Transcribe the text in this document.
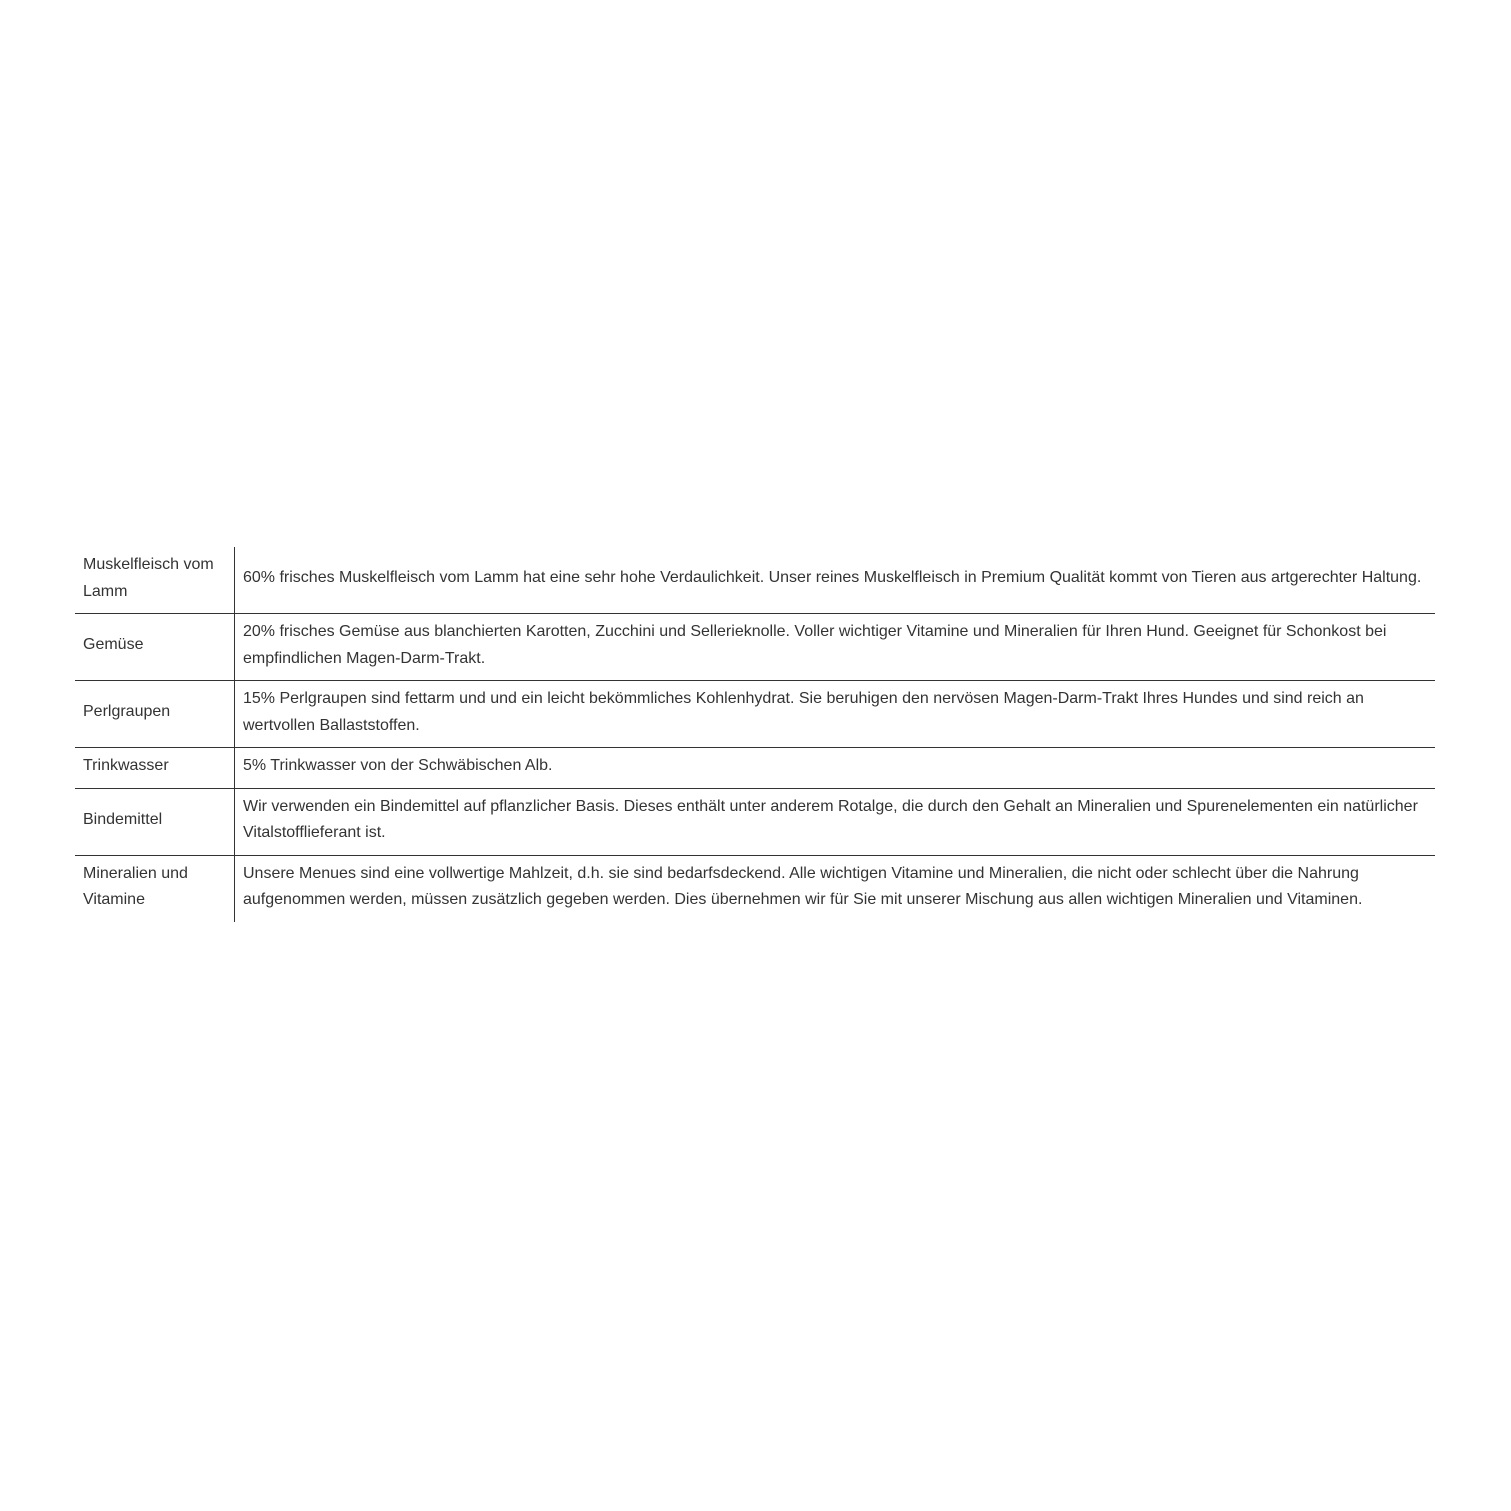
Muskelfleisch vom Lamm	60% frisches Muskelfleisch vom Lamm hat eine sehr hohe Verdaulichkeit. Unser reines Muskelfleisch in Premium Qualität kommt von Tieren aus artgerechter Haltung.
Gemüse	20% frisches Gemüse aus blanchierten Karotten, Zucchini und Sellerieknolle. Voller wichtiger Vitamine und Mineralien für Ihren Hund. Geeignet für Schonkost bei empfindlichen Magen-Darm-Trakt.
Perlgraupen	15% Perlgraupen sind fettarm und und ein leicht bekömmliches Kohlenhydrat. Sie beruhigen den nervösen Magen-Darm-Trakt Ihres Hundes und sind reich an wertvollen Ballaststoffen.
Trinkwasser	5% Trinkwasser von der Schwäbischen Alb.
Bindemittel	Wir verwenden ein Bindemittel auf pflanzlicher Basis. Dieses enthält unter anderem Rotalge, die durch den Gehalt an Mineralien und Spurenelementen ein natürlicher Vitalstofflieferant ist.
Mineralien und Vitamine	Unsere Menues sind eine vollwertige Mahlzeit, d.h. sie sind bedarfsdeckend. Alle wichtigen Vitamine und Mineralien, die nicht oder schlecht über die Nahrung aufgenommen werden, müssen zusätzlich gegeben werden. Dies übernehmen wir für Sie mit unserer Mischung aus allen wichtigen Mineralien und Vitaminen.
